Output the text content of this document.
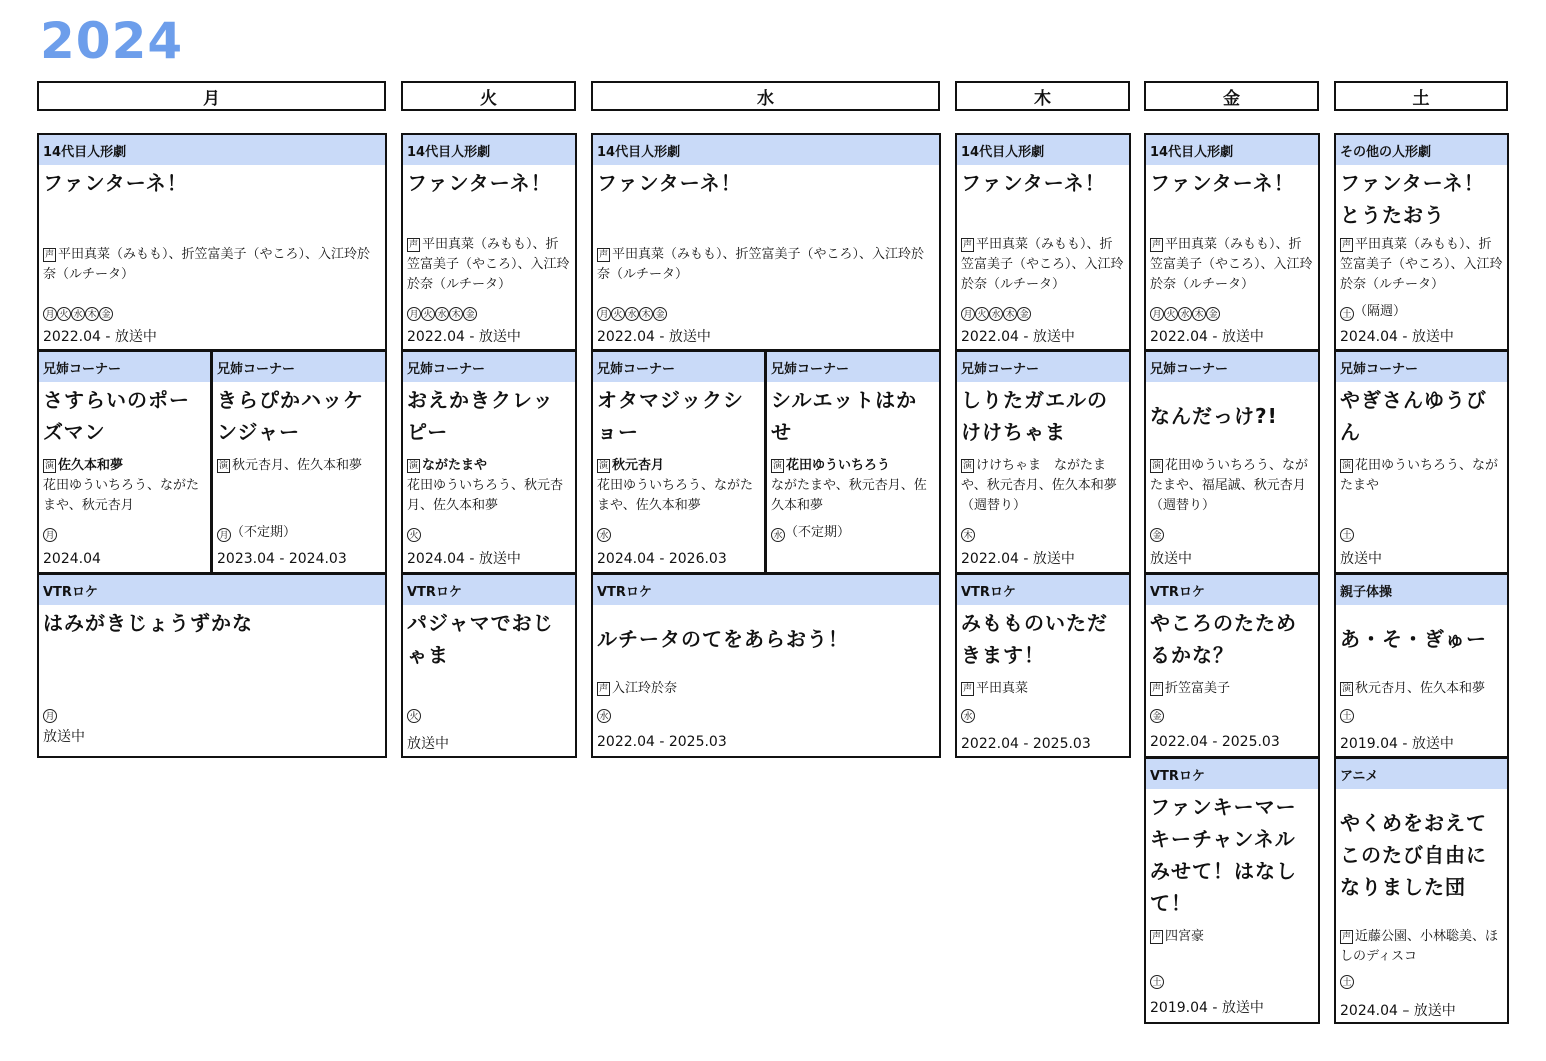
2024
月	火	水	木	金	土
14代目人形劇
ファンターネ！
声 平田真菜（みもも）、折笠富美子（やころ）、入江玲於奈（ルチータ）
月 火 水 木 金
2022.04 - 放送中
14代目人形劇
ファンターネ！
声 平田真菜（みもも）、折笠富美子（やころ）、入江玲於奈（ルチータ）
月 火 水 木 金
2022.04 - 放送中
14代目人形劇
ファンターネ！
声 平田真菜（みもも）、折笠富美子（やころ）、入江玲於奈（ルチータ）
月 火 水 木 金
2022.04 - 放送中
14代目人形劇
ファンターネ！
声 平田真菜（みもも）、折笠富美子（やころ）、入江玲於奈（ルチータ）
月 火 水 木 金
2022.04 - 放送中
14代目人形劇
ファンターネ！
声 平田真菜（みもも）、折笠富美子（やころ）、入江玲於奈（ルチータ）
月 火 水 木 金
2022.04 - 放送中
その他の人形劇
ファンターネ！とうたおう
声 平田真菜（みもも）、折笠富美子（やころ）、入江玲於奈（ルチータ）
土 （隔週）
2024.04 - 放送中
兄姉コーナー
さすらいのポーズマン
演 佐久本和夢
花田ゆういちろう、ながたまや、秋元杏月
月
2024.04
兄姉コーナー
きらぴかハッケンジャー
演 秋元杏月、佐久本和夢
月 （不定期）
2023.04 - 2024.03
兄姉コーナー
おえかきクレッピー
演 ながたまや
花田ゆういちろう、秋元杏月、佐久本和夢
火
2024.04 - 放送中
兄姉コーナー
オタマジックショー
演 秋元杏月
花田ゆういちろう、ながたまや、佐久本和夢
水
2024.04 - 2026.03
兄姉コーナー
シルエットはかせ
演 花田ゆういちろう
ながたまや、秋元杏月、佐久本和夢
水 （不定期）
兄姉コーナー
しりたガエルのけけちゃま
演 けけちゃま　ながたまや、秋元杏月、佐久本和夢（週替り）
木
2022.04 - 放送中
兄姉コーナー
なんだっけ?!
演 花田ゆういちろう、ながたまや、福尾誠、秋元杏月（週替り）
金
放送中
兄姉コーナー
やぎさんゆうびん
演 花田ゆういちろう、ながたまや
土
放送中
VTRロケ
はみがきじょうずかな
月
放送中
VTRロケ
パジャマでおじゃま
火
放送中
VTRロケ
ルチータのてをあらおう！
声 入江玲於奈
水
2022.04 - 2025.03
VTRロケ
みもものいただきます！
声 平田真菜
水
2022.04 - 2025.03
VTRロケ
やころのたためるかな？
声 折笠富美子
金
2022.04 - 2025.03
親子体操
あ・そ・ぎゅー
演 秋元杏月、佐久本和夢
土
2019.04 - 放送中
VTRロケ
ファンキーマーキーチャンネルみせて！はなして！
声 四宮豪
土
2019.04 - 放送中
アニメ
やくめをおえてこのたび自由になりました団
声 近藤公園、小林聡美、ほしのディスコ
土
2024.04 – 放送中
